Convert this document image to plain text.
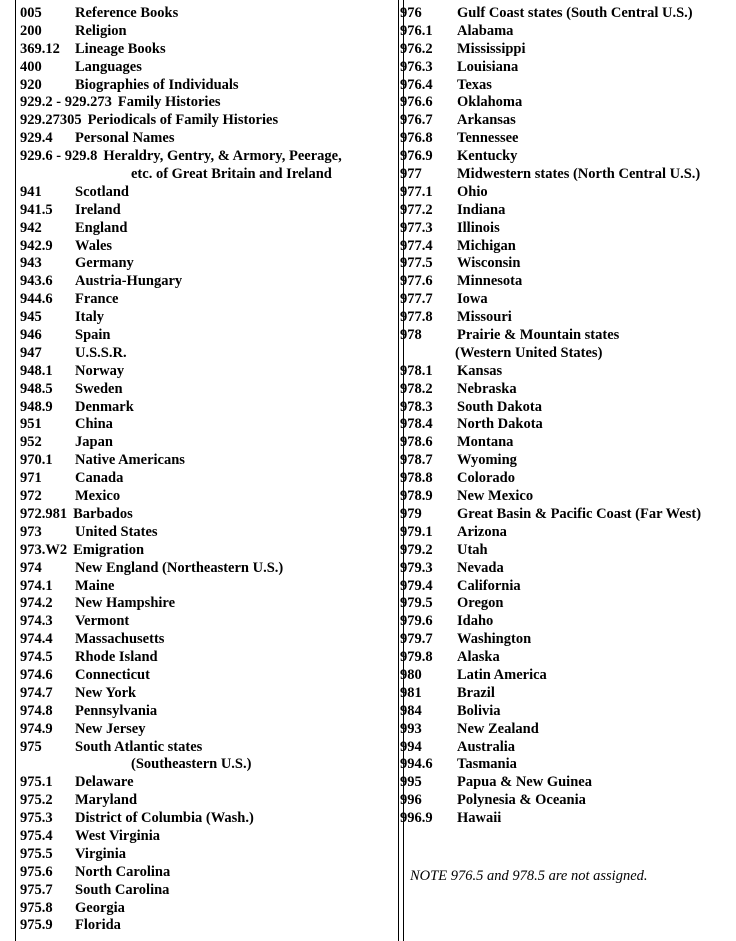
005	Reference Books
200	Religion
369.12	Lineage Books
400	Languages
920	Biographies of Individuals
929.2 - 929.273 Family Histories
929.27305 Periodicals of Family Histories
929.4	Personal Names
929.6 - 929.8 Heraldry, Gentry, & Armory, Peerage,
etc. of Great Britain and Ireland
941	Scotland
941.5	Ireland
942	England
942.9	Wales
943	Germany
943.6	Austria-Hungary
944.6	France
945	Italy
946	Spain
947	U.S.S.R.
948.1	Norway
948.5	Sweden
948.9	Denmark
951	China
952	Japan
970.1	Native Americans
971	Canada
972	Mexico
972.981 Barbados
973	United States
973.W2 Emigration
974	New England (Northeastern U.S.)
974.1	Maine
974.2	New Hampshire
974.3	Vermont
974.4	Massachusetts
974.5	Rhode Island
974.6	Connecticut
974.7	New York
974.8	Pennsylvania
974.9	New Jersey
975	South Atlantic states
(Southeastern U.S.)
975.1	Delaware
975.2	Maryland
975.3	District of Columbia (Wash.)
975.4	West Virginia
975.5	Virginia
975.6	North Carolina
975.7	South Carolina
975.8	Georgia
975.9	Florida
976	Gulf Coast states (South Central U.S.)
976.1	Alabama
976.2	Mississippi
976.3	Louisiana
976.4	Texas
976.6	Oklahoma
976.7	Arkansas
976.8	Tennessee
976.9	Kentucky
977	Midwestern states (North Central U.S.)
977.1	Ohio
977.2	Indiana
977.3	Illinois
977.4	Michigan
977.5	Wisconsin
977.6	Minnesota
977.7	Iowa
977.8	Missouri
978	Prairie & Mountain states
(Western United States)
978.1	Kansas
978.2	Nebraska
978.3	South Dakota
978.4	North Dakota
978.6	Montana
978.7	Wyoming
978.8	Colorado
978.9	New Mexico
979	Great Basin & Pacific Coast (Far West)
979.1	Arizona
979.2	Utah
979.3	Nevada
979.4	California
979.5	Oregon
979.6	Idaho
979.7	Washington
979.8	Alaska
980	Latin America
981	Brazil
984	Bolivia
993	New Zealand
994	Australia
994.6	Tasmania
995	Papua & New Guinea
996	Polynesia & Oceania
996.9	Hawaii
NOTE 976.5 and 978.5 are not assigned.
